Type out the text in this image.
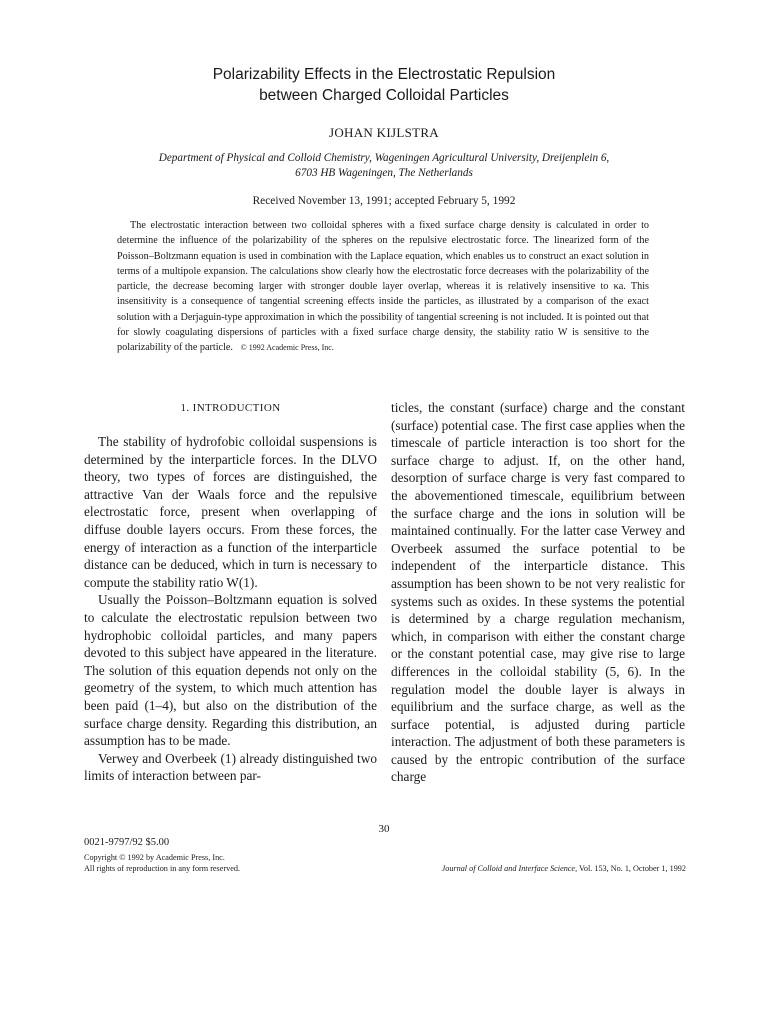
Polarizability Effects in the Electrostatic Repulsion
between Charged Colloidal Particles
JOHAN KIJLSTRA
Department of Physical and Colloid Chemistry, Wageningen Agricultural University, Dreijenplein 6,
6703 HB Wageningen, The Netherlands
Received November 13, 1991; accepted February 5, 1992

The electrostatic interaction between two colloidal spheres with a fixed surface charge density is calculated in order to determine the influence of the polarizability of the spheres on the repulsive electrostatic force. The linearized form of the Poisson–Boltzmann equation is used in combination with the Laplace equation, which enables us to construct an exact solution in terms of a multipole expansion. The calculations show clearly how the electrostatic force decreases with the polarizability of the particle, the decrease becoming larger with stronger double layer overlap, whereas it is relatively insensitive to κa. This insensitivity is a consequence of tangential screening effects inside the particles, as illustrated by a comparison of the exact solution with a Derjaguin-type approximation in which the possibility of tangential screening is not included. It is pointed out that for slowly coagulating dispersions of particles with a fixed surface charge density, the stability ratio W is sensitive to the polarizability of the particle. © 1992 Academic Press, Inc.

1. INTRODUCTION

The stability of hydrofobic colloidal suspensions is determined by the interparticle forces. In the DLVO theory, two types of forces are distinguished, the attractive Van der Waals force and the repulsive electrostatic force, present when overlapping of diffuse double layers occurs. From these forces, the energy of interaction as a function of the interparticle distance can be deduced, which in turn is necessary to compute the stability ratio W(1).

Usually the Poisson–Boltzmann equation is solved to calculate the electrostatic repulsion between two hydrophobic colloidal particles, and many papers devoted to this subject have appeared in the literature. The solution of this equation depends not only on the geometry of the system, to which much attention has been paid (1–4), but also on the distribution of the surface charge density. Regarding this distribution, an assumption has to be made.

Verwey and Overbeek (1) already distinguished two limits of interaction between par-

ticles, the constant (surface) charge and the constant (surface) potential case. The first case applies when the timescale of particle interaction is too short for the surface charge to adjust. If, on the other hand, desorption of surface charge is very fast compared to the abovementioned timescale, equilibrium between the surface charge and the ions in solution will be maintained continually. For the latter case Verwey and Overbeek assumed the surface potential to be independent of the interparticle distance. This assumption has been shown to be not very realistic for systems such as oxides. In these systems the potential is determined by a charge regulation mechanism, which, in comparison with either the constant charge or the constant potential case, may give rise to large differences in the colloidal stability (5, 6). In the regulation model the double layer is always in equilibrium and the surface charge, as well as the surface potential, is adjusted during particle interaction. The adjustment of both these parameters is caused by the entropic contribution of the surface charge

30
0021-9797/92 $5.00
Copyright © 1992 by Academic Press, Inc.
All rights of reproduction in any form reserved.	Journal of Colloid and Interface Science, Vol. 153, No. 1, October 1, 1992
